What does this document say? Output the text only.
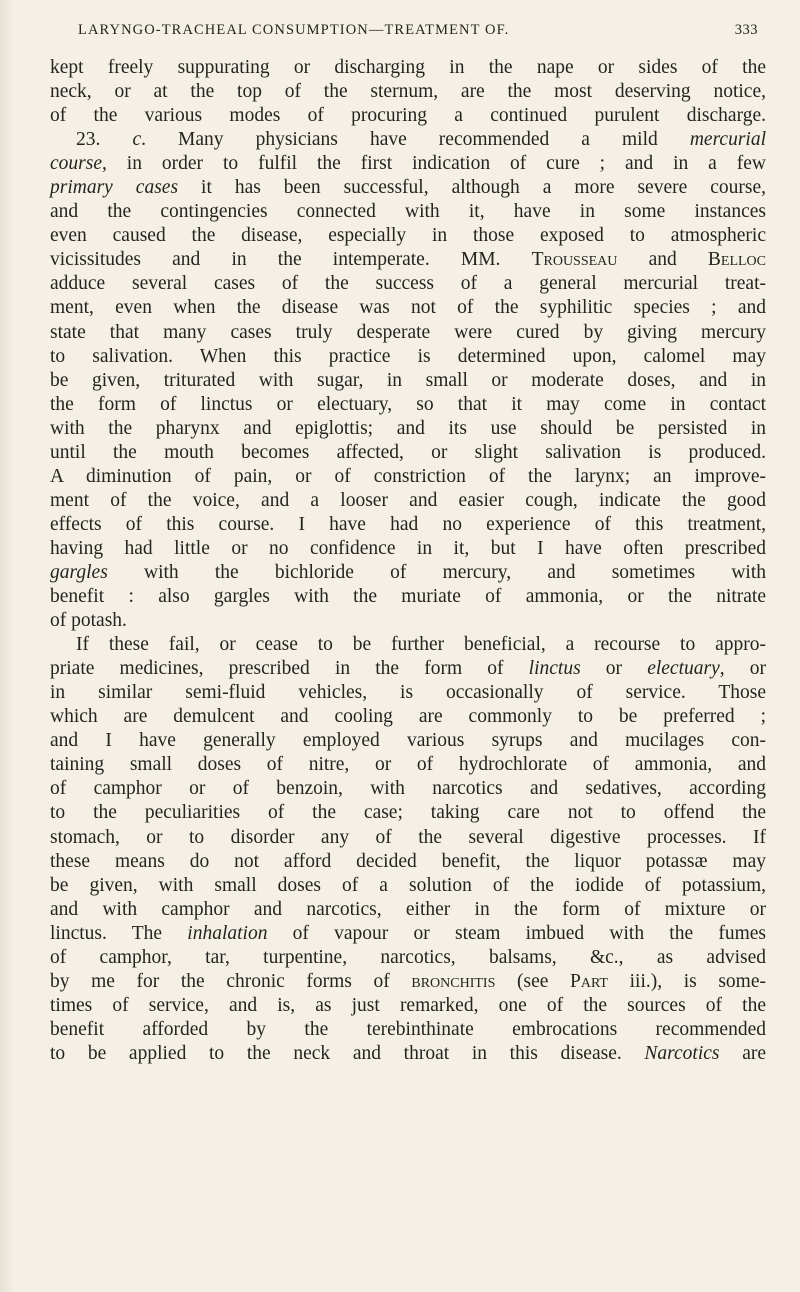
LARYNGO-TRACHEAL CONSUMPTION—TREATMENT OF.	333
kept freely suppurating or discharging in the nape or sides of the
neck, or at the top of the sternum, are the most deserving notice,
of the various modes of procuring a continued purulent discharge.
23. c. Many physicians have recommended a mild mercurial
course, in order to fulfil the first indication of cure ; and in a few
primary cases it has been successful, although a more severe course,
and the contingencies connected with it, have in some instances
even caused the disease, especially in those exposed to atmospheric
vicissitudes and in the intemperate. MM. Trousseau and Belloc
adduce several cases of the success of a general mercurial treat-
ment, even when the disease was not of the syphilitic species ; and
state that many cases truly desperate were cured by giving mercury
to salivation. When this practice is determined upon, calomel may
be given, triturated with sugar, in small or moderate doses, and in
the form of linctus or electuary, so that it may come in contact
with the pharynx and epiglottis; and its use should be persisted in
until the mouth becomes affected, or slight salivation is produced.
A diminution of pain, or of constriction of the larynx; an improve-
ment of the voice, and a looser and easier cough, indicate the good
effects of this course. I have had no experience of this treatment,
having had little or no confidence in it, but I have often prescribed
gargles with the bichloride of mercury, and sometimes with
benefit : also gargles with the muriate of ammonia, or the nitrate
of potash.
If these fail, or cease to be further beneficial, a recourse to appro-
priate medicines, prescribed in the form of linctus or electuary, or
in similar semi-fluid vehicles, is occasionally of service. Those
which are demulcent and cooling are commonly to be preferred ;
and I have generally employed various syrups and mucilages con-
taining small doses of nitre, or of hydrochlorate of ammonia, and
of camphor or of benzoin, with narcotics and sedatives, according
to the peculiarities of the case; taking care not to offend the
stomach, or to disorder any of the several digestive processes. If
these means do not afford decided benefit, the liquor potassæ may
be given, with small doses of a solution of the iodide of potassium,
and with camphor and narcotics, either in the form of mixture or
linctus. The inhalation of vapour or steam imbued with the fumes
of camphor, tar, turpentine, narcotics, balsams, &c., as advised
by me for the chronic forms of bronchitis (see Part iii.), is some-
times of service, and is, as just remarked, one of the sources of the
benefit afforded by the terebinthinate embrocations recommended
to be applied to the neck and throat in this disease. Narcotics are
